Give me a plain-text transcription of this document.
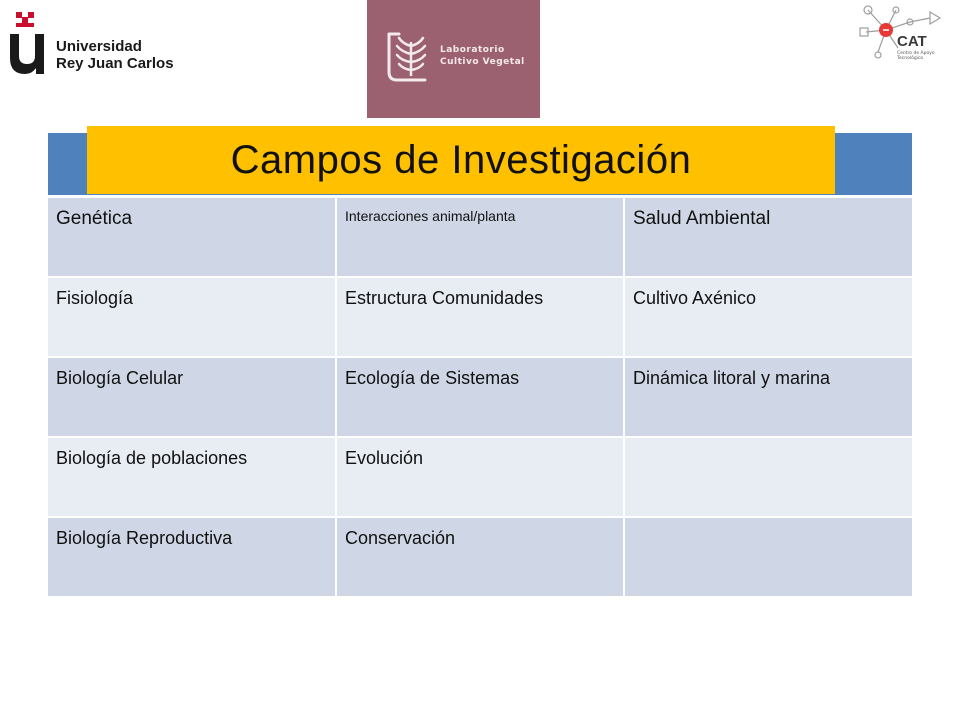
Universidad
Rey Juan Carlos
Laboratorio
Cultivo Vegetal
CAT
Centro de Apoyo
Tecnológico
Campos de Investigación
Genética	Interacciones animal/planta	Salud Ambiental
Fisiología	Estructura Comunidades	Cultivo Axénico
Biología Celular	Ecología de Sistemas	Dinámica litoral y marina
Biología de poblaciones	Evolución
Biología Reproductiva	Conservación
